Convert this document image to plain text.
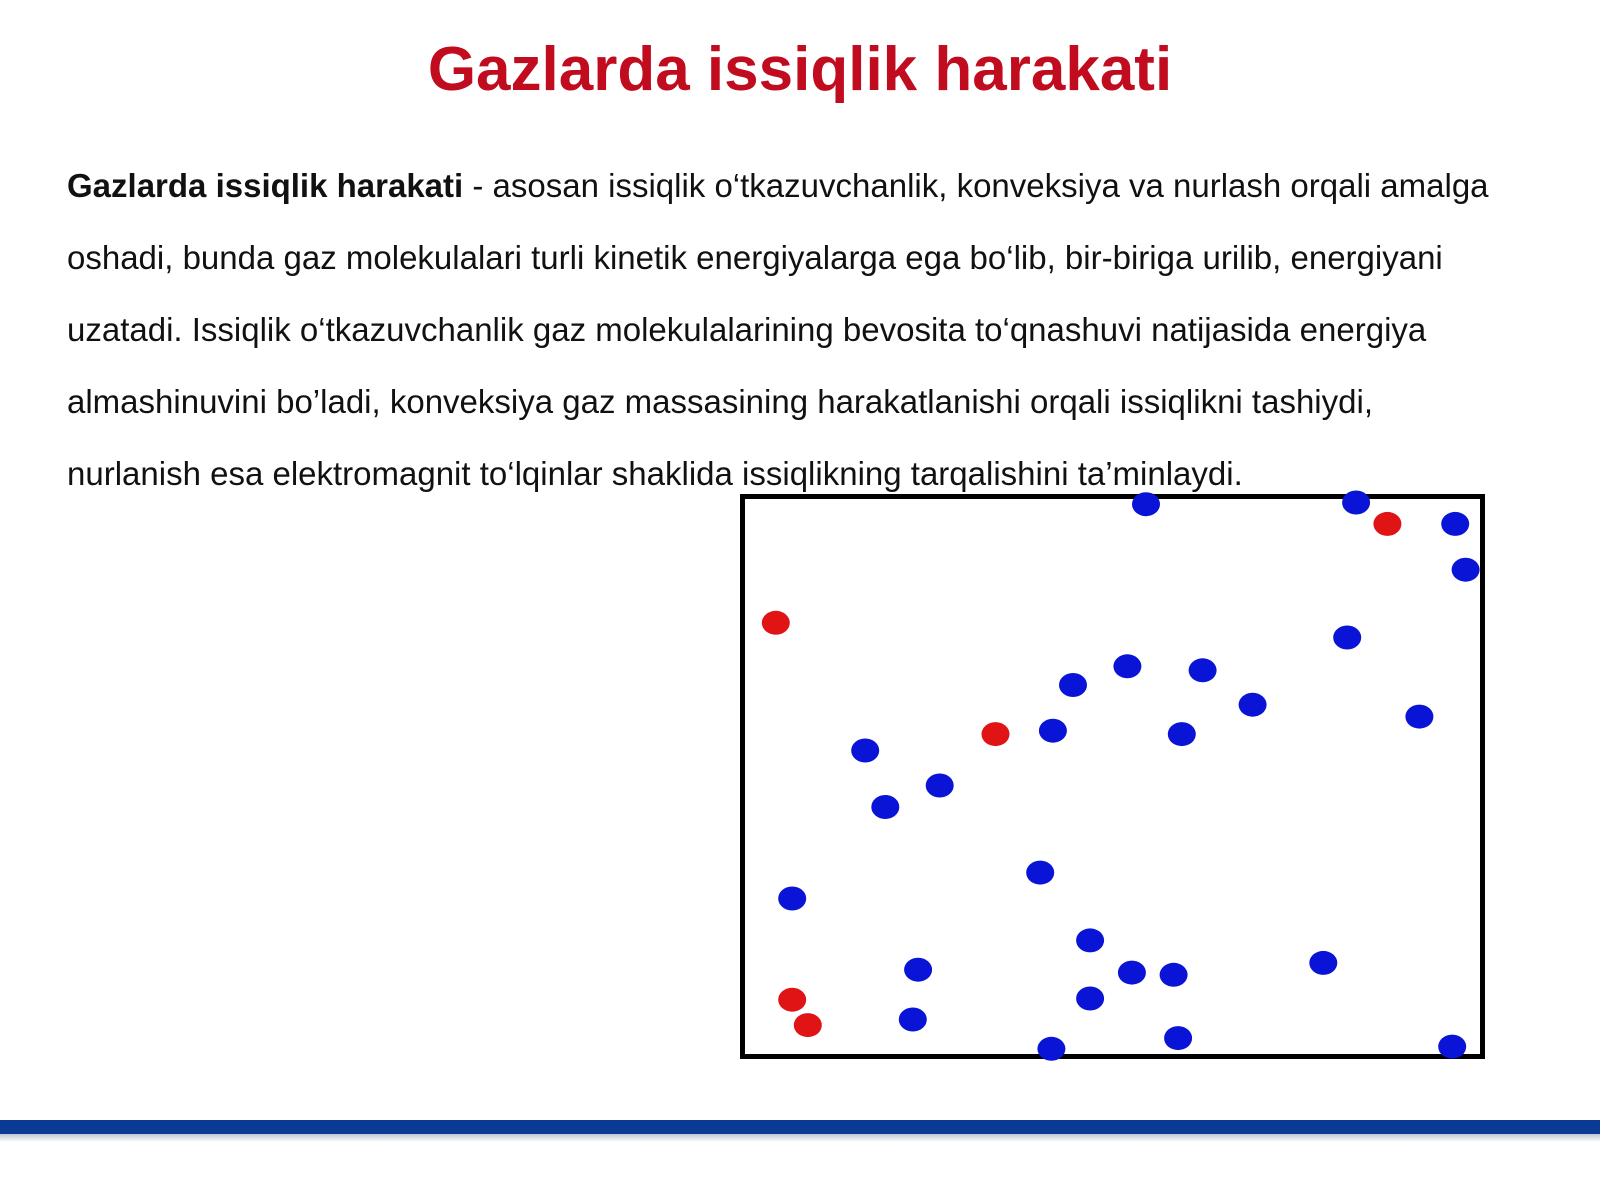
Gazlarda issiqlik harakati

Gazlarda issiqlik harakati - asosan issiqlik o‘tkazuvchanlik, konveksiya va nurlash orqali amalga oshadi, bunda gaz molekulalari turli kinetik energiyalarga ega bo‘lib, bir-biriga urilib, energiyani uzatadi. Issiqlik o‘tkazuvchanlik gaz molekulalarining bevosita to‘qnashuvi natijasida energiya almashinuvini bo’ladi, konveksiya gaz massasining harakatlanishi orqali issiqlikni tashiydi, nurlanish esa elektromagnit to‘lqinlar shaklida issiqlikning tarqalishini ta’minlaydi.
